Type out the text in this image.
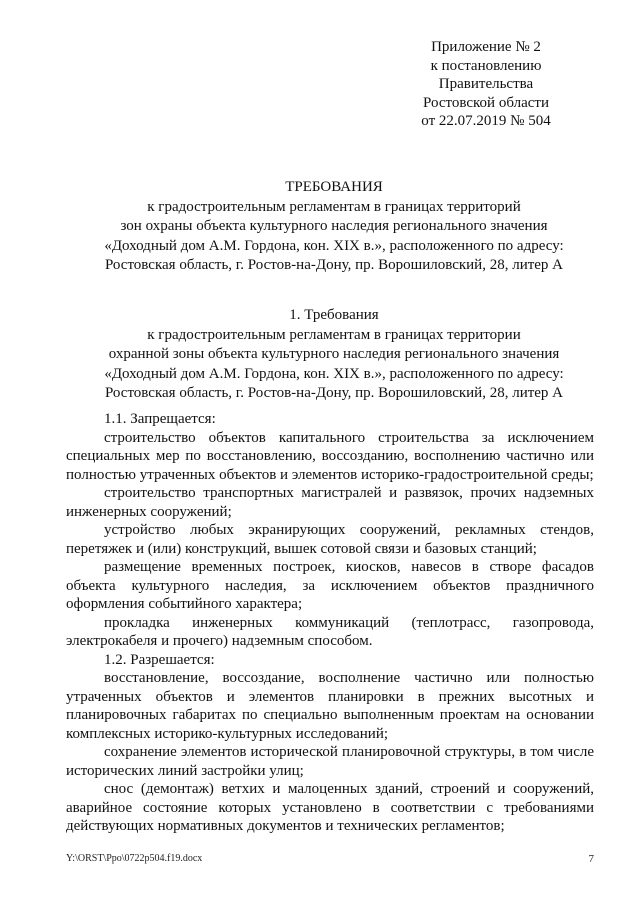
Приложение № 2
к постановлению
Правительства
Ростовской области
от 22.07.2019 № 504
ТРЕБОВАНИЯ
к градостроительным регламентам в границах территорий
зон охраны объекта культурного наследия регионального значения
«Доходный дом А.М. Гордона, кон. XIX в.», расположенного по адресу:
Ростовская область, г. Ростов-на-Дону, пр. Ворошиловский, 28, литер А
1. Требования
к градостроительным регламентам в границах территории
охранной зоны объекта культурного наследия регионального значения
«Доходный дом А.М. Гордона, кон. XIX в.», расположенного по адресу:
Ростовская область, г. Ростов-на-Дону, пр. Ворошиловский, 28, литер А

1.1. Запрещается:

строительство объектов капитального строительства за исключением специальных мер по восстановлению, воссозданию, восполнению частично или полностью утраченных объектов и элементов историко-градостроительной среды;

строительство транспортных магистралей и развязок, прочих надземных инженерных сооружений;

устройство любых экранирующих сооружений, рекламных стендов, перетяжек и (или) конструкций, вышек сотовой связи и базовых станций;

размещение временных построек, киосков, навесов в створе фасадов объекта культурного наследия, за исключением объектов праздничного оформления событийного характера;

прокладка инженерных коммуникаций (теплотрасс, газопровода, электрокабеля и прочего) надземным способом.

1.2. Разрешается:

восстановление, воссоздание, восполнение частично или полностью утраченных объектов и элементов планировки в прежних высотных и планировочных габаритах по специально выполненным проектам на основании комплексных историко-культурных исследований;

сохранение элементов исторической планировочной структуры, в том числе исторических линий застройки улиц;

снос (демонтаж) ветхих и малоценных зданий, строений и сооружений, аварийное состояние которых установлено в соответствии с требованиями действующих нормативных документов и технических регламентов;

Y:\ORST\Ppo\0722p504.f19.docx	7
